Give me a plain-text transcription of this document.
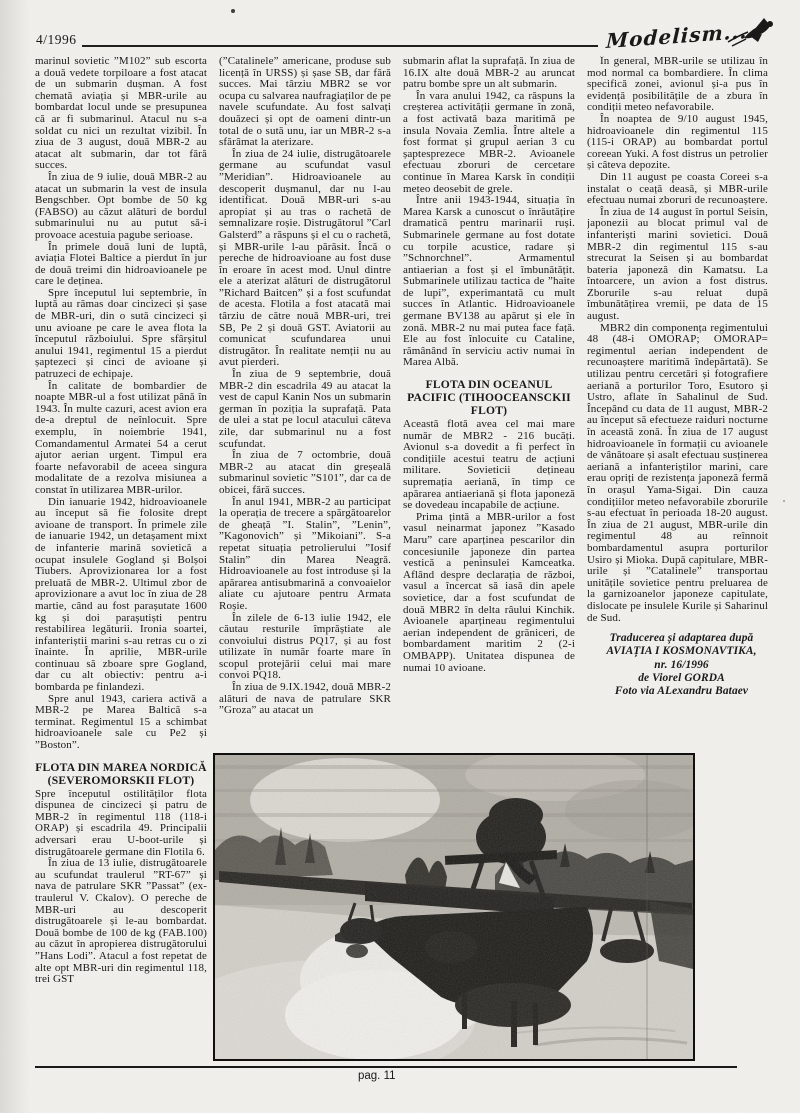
4/1996	Modelism...

marinul sovietic ”M102” sub escorta a două vedete torpiloare a fost atacat de un submarin dușman. A fost chemată aviația și MBR-urile au bombardat locul unde se presupunea că ar fi submarinul. Atacul nu s-a soldat cu nici un rezultat vizibil. În ziua de 3 august, două MBR-2 au atacat alt submarin, dar tot fără succes.

În ziua de 9 iulie, două MBR-2 au atacat un submarin la vest de insula Bengschber. Opt bombe de 50 kg (FABSO) au căzut alături de bordul submarinului nu au putut să-i provoace acestuia pagube serioase.

În primele două luni de luptă, aviația Flotei Baltice a pierdut în jur de două treimi din hidroavioanele pe care le deținea.

Spre începutul lui septembrie, în luptă au rămas doar cincizeci și șase de MBR-uri, din o sută cincizeci și unu avioane pe care le avea flota la începutul războiului. Spre sfârșitul anului 1941, regimentul 15 a pierdut șaptezeci și cinci de avioane și patruzeci de echipaje.

În calitate de bombardier de noapte MBR-ul a fost utilizat până în 1943. În multe cazuri, acest avion era de-a dreptul de neînlocuit. Spre exemplu, în noiembrie 1941, Comandamentul Armatei 54 a cerut ajutor aerian urgent. Timpul era foarte nefavorabil de aceea singura modalitate de a rezolva misiunea a constat în utilizarea MBR-urilor.

Din ianuarie 1942, hidroavioanele au început să fie folosite drept avioane de transport. În primele zile de ianuarie 1942, un detașament mixt de infanterie marină sovietică a ocupat insulele Gogland și Bolșoi Tiubers. Aprovizionarea lor a fost preluată de MBR-2. Ultimul zbor de aprovizionare a avut loc în ziua de 28 martie, când au fost parașutate 1600 kg și doi parașutiști pentru restabilirea legăturii. Ironia soartei, infanteriștii marini s-au retras cu o zi înainte. În aprilie, MBR-urile continuau să zboare spre Gogland, dar cu alt obiectiv: pentru a-i bombarda pe finlandezi.

Spre anul 1943, cariera activă a MBR-2 pe Marea Baltică s-a terminat. Regimentul 15 a schimbat hidroavioanele sale cu Pe2 și ”Boston”.

FLOTA DIN MAREA NORDICĂ (SEVEROMORSKII FLOT)

Spre începutul ostilităților flota dispunea de cincizeci și patru de MBR-2 în regimentul 118 (118-i ORAP) și escadrila 49. Principalii adversari erau U-boot-urile și distrugătoarele germane din Flotila 6.

În ziua de 13 iulie, distrugătoarele au scufundat traulerul ”RT-67” și nava de patrulare SKR ”Passat” (ex-traulerul V. Ckalov). O pereche de MBR-uri au descoperit distrugătoarele și le-au bombardat. Două bombe de 100 de kg (FAB.100) au căzut în apropierea distrugătorului ”Hans Lodi”. Atacul a fost repetat de alte opt MBR-uri din regimentul 118, trei GST

(”Catalinele” americane, produse sub licență în URSS) și șase SB, dar fără succes. Mai târziu MBR2 se vor ocupa cu salvarea naufragiaților de pe navele scufundate. Au fost salvați douăzeci și opt de oameni dintr-un total de o sută unu, iar un MBR-2 s-a sfărâmat la aterizare.

În ziua de 24 iulie, distrugătoarele germane au scufundat vasul ”Meridian”. Hidroavioanele au descoperit dușmanul, dar nu l-au identificat. Două MBR-uri s-au apropiat și au tras o rachetă de semnalizare roșie. Distrugătorul ”Carl Galsterd” a răspuns și el cu o rachetă, și MBR-urile l-au părăsit. Încă o pereche de hidroavioane au fost duse în eroare în acest mod. Unul dintre ele a aterizat alături de distrugătorul ”Richard Baitcen” și a fost scufundat de acesta. Flotila a fost atacată mai târziu de către nouă MBR-uri, trei SB, Pe 2 și două GST. Aviatorii au comunicat scufundarea unui distrugător. În realitate nemții nu au avut pierderi.

În ziua de 9 septembrie, două MBR-2 din escadrila 49 au atacat la vest de capul Kanin Nos un submarin german în poziția la suprafață. Pata de ulei a stat pe locul atacului câteva zile, dar submarinul nu a fost scufundat.

În ziua de 7 octombrie, două MBR-2 au atacat din greșeală submarinul sovietic ”S101”, dar ca de obicei, fără succes.

În anul 1941, MBR-2 au participat la operația de trecere a spărgătoarelor de gheață ”I. Stalin”, ”Lenin”, ”Kagonovich” și ”Mikoiani”. S-a repetat situația petrolierului ”Iosif Stalin” din Marea Neagră. Hidroavioanele au fost introduse și la apărarea antisubmarină a convoaielor aliate cu ajutoare pentru Armata Roșie.

În zilele de 6-13 iulie 1942, ele căutau resturile împrăștiate ale convoiului distrus PQ17, și au fost utilizate în număr foarte mare în scopul protejării celui mai mare convoi PQ18.

În ziua de 9.IX.1942, două MBR-2 alături de nava de patrulare SKR ”Groza” au atacat un

submarin aflat la suprafață. În ziua de 16.IX alte două MBR-2 au aruncat patru bombe spre un alt submarin.

În vara anului 1942, ca răspuns la creșterea activității germane în zonă, a fost activată baza maritimă pe insula Novaia Zemlia. Între altele a fost format și grupul aerian 3 cu șaptesprezece MBR-2. Avioanele efectuau zboruri de cercetare continue în Marea Karsk în condiții meteo deosebit de grele.

Între anii 1943-1944, situația în Marea Karsk a cunoscut o înrăutățire dramatică pentru marinarii ruși. Submarinele germane au fost dotate cu torpile acustice, radare și ”Schnorchnel”. Armamentul antiaerian a fost și el îmbunătățit. Submarinele utilizau tactica de ”haite de lupi”, experimantată cu mult succes în Atlantic. Hidroavioanele germane BV138 au apărut și ele în zonă. MBR-2 nu mai putea face față. Ele au fost înlocuite cu Cataline, rămânând în serviciu activ numai în Marea Albă.

FLOTA DIN OCEANUL PACIFIC (TIHOOCEANSCKII FLOT)

Această flotă avea cel mai mare număr de MBR2 - 216 bucăți. Avionul s-a dovedit a fi perfect în condițiile acestui teatru de acțiuni militare. Sovieticii dețineau supremația aeriană, în timp ce apărarea antiaeriană și flota japoneză se dovedeau incapabile de acțiune.

Prima țintă a MBR-urilor a fost vasul neinarmat japonez ”Kasado Maru” care aparținea pescarilor din concesiunile japoneze din partea vestică a peninsulei Kamceatka. Aflând despre declarația de război, vasul a încercat să iasă din apele sovietice, dar a fost scufundat de două MBR2 în delta râului Kinchik. Avioanele aparțineau regimentului aerian independent de grăniceri, de bombardament maritim 2 (2-i OMBAPP). Unitatea dispunea de numai 10 avioane.

În general, MBR-urile se utilizau în mod normal ca bombardiere. În clima specifică zonei, avionul și-a pus în evidență posibilitățile de a zbura în condiții meteo nefavorabile.

În noaptea de 9/10 august 1945, hidroavioanele din regimentul 115 (115-i ORAP) au bombardat portul coreean Yuki. A fost distrus un petrolier și câteva depozite.

Din 11 august pe coasta Coreei s-a instalat o ceață deasă, și MBR-urile efectuau numai zboruri de recunoaștere.

În ziua de 14 august în portul Seisin, japonezii au blocat primul val de infanteriști marini sovietici. Două MBR-2 din regimentul 115 s-au strecurat la Seisen și au bombardat bateria japoneză din Kamatsu. La întoarcere, un avion a fost distrus. Zborurile s-au reluat după îmbunătățirea vremii, pe data de 15 august.

MBR2 din componența regimentului 48 (48-i OMORAP; OMORAP= regimentul aerian independent de recunoaștere maritimă îndepărtată). Se utilizau pentru cercetări și fotografiere aeriană a porturilor Toro, Esutoro și Ustro, aflate în Sahalinul de Sud. Începând cu data de 11 august, MBR-2 au început să efectueze raiduri nocturne în această zonă. În ziua de 17 august hidroavioanele în formații cu avioanele de vânătoare și asalt efectuau susținerea aeriană a infanteriștilor marini, care erau opriți de rezistența japoneză fermă în orașul Yama-Sigai. Din cauza condițiilor meteo nefavorabile zborurile s-au efectuat în perioada 18-20 august. În ziua de 21 august, MBR-urile din regimentul 48 au reînnoit bombardamentul asupra porturilor Usiro și Mioka. După capitulare, MBR-urile și ”Catalinele” transportau unitățile sovietice pentru preluarea de la garnizoanelor japoneze capitulate, dislocate pe insulele Kurile și Saharinul de Sud.

Traducerea și adaptarea după
AVIAȚIA I KOSMONAVTIKA,
nr. 16/1996
de Viorel GORDA
Foto via ALexandru Bataev
pag. 11
